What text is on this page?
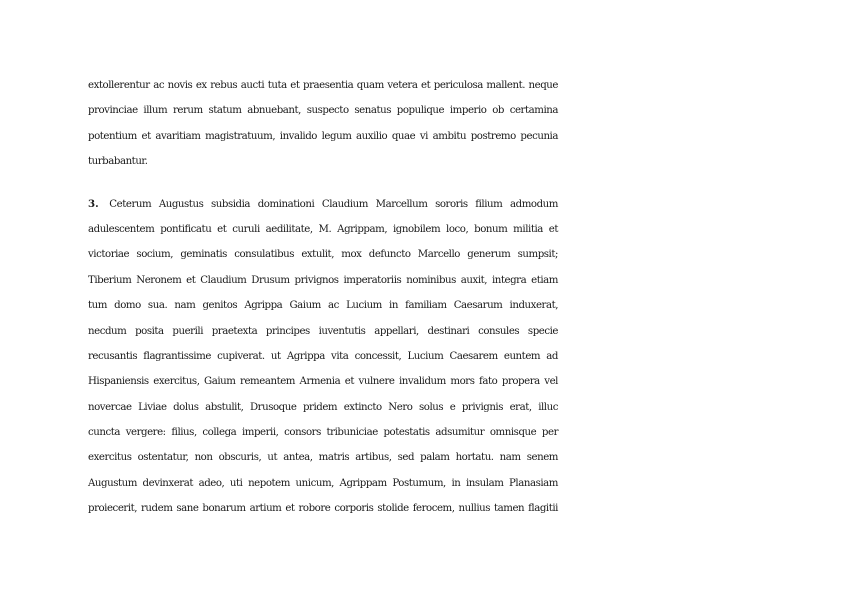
extollerentur ac novis ex rebus aucti tuta et praesentia quam vetera et periculosa mallent. neque
provinciae illum rerum statum abnuebant, suspecto senatus populique imperio ob certamina
potentium et avaritiam magistratuum, invalido legum auxilio quae vi ambitu postremo pecunia
turbabantur.
3. Ceterum Augustus subsidia dominationi Claudium Marcellum sororis filium admodum
adulescentem pontificatu et curuli aedilitate, M. Agrippam, ignobilem loco, bonum militia et
victoriae socium, geminatis consulatibus extulit, mox defuncto Marcello generum sumpsit;
Tiberium Neronem et Claudium Drusum privignos imperatoriis nominibus auxit, integra etiam
tum domo sua. nam genitos Agrippa Gaium ac Lucium in familiam Caesarum induxerat,
necdum posita puerili praetexta principes iuventutis appellari, destinari consules specie
recusantis flagrantissime cupiverat. ut Agrippa vita concessit, Lucium Caesarem euntem ad
Hispaniensis exercitus, Gaium remeantem Armenia et vulnere invalidum mors fato propera vel
novercae Liviae dolus abstulit, Drusoque pridem extincto Nero solus e privignis erat, illuc
cuncta vergere: filius, collega imperii, consors tribuniciae potestatis adsumitur omnisque per
exercitus ostentatur, non obscuris, ut antea, matris artibus, sed palam hortatu. nam senem
Augustum devinxerat adeo, uti nepotem unicum, Agrippam Postumum, in insulam Planasiam
proiecerit, rudem sane bonarum artium et robore corporis stolide ferocem, nullius tamen flagitii
